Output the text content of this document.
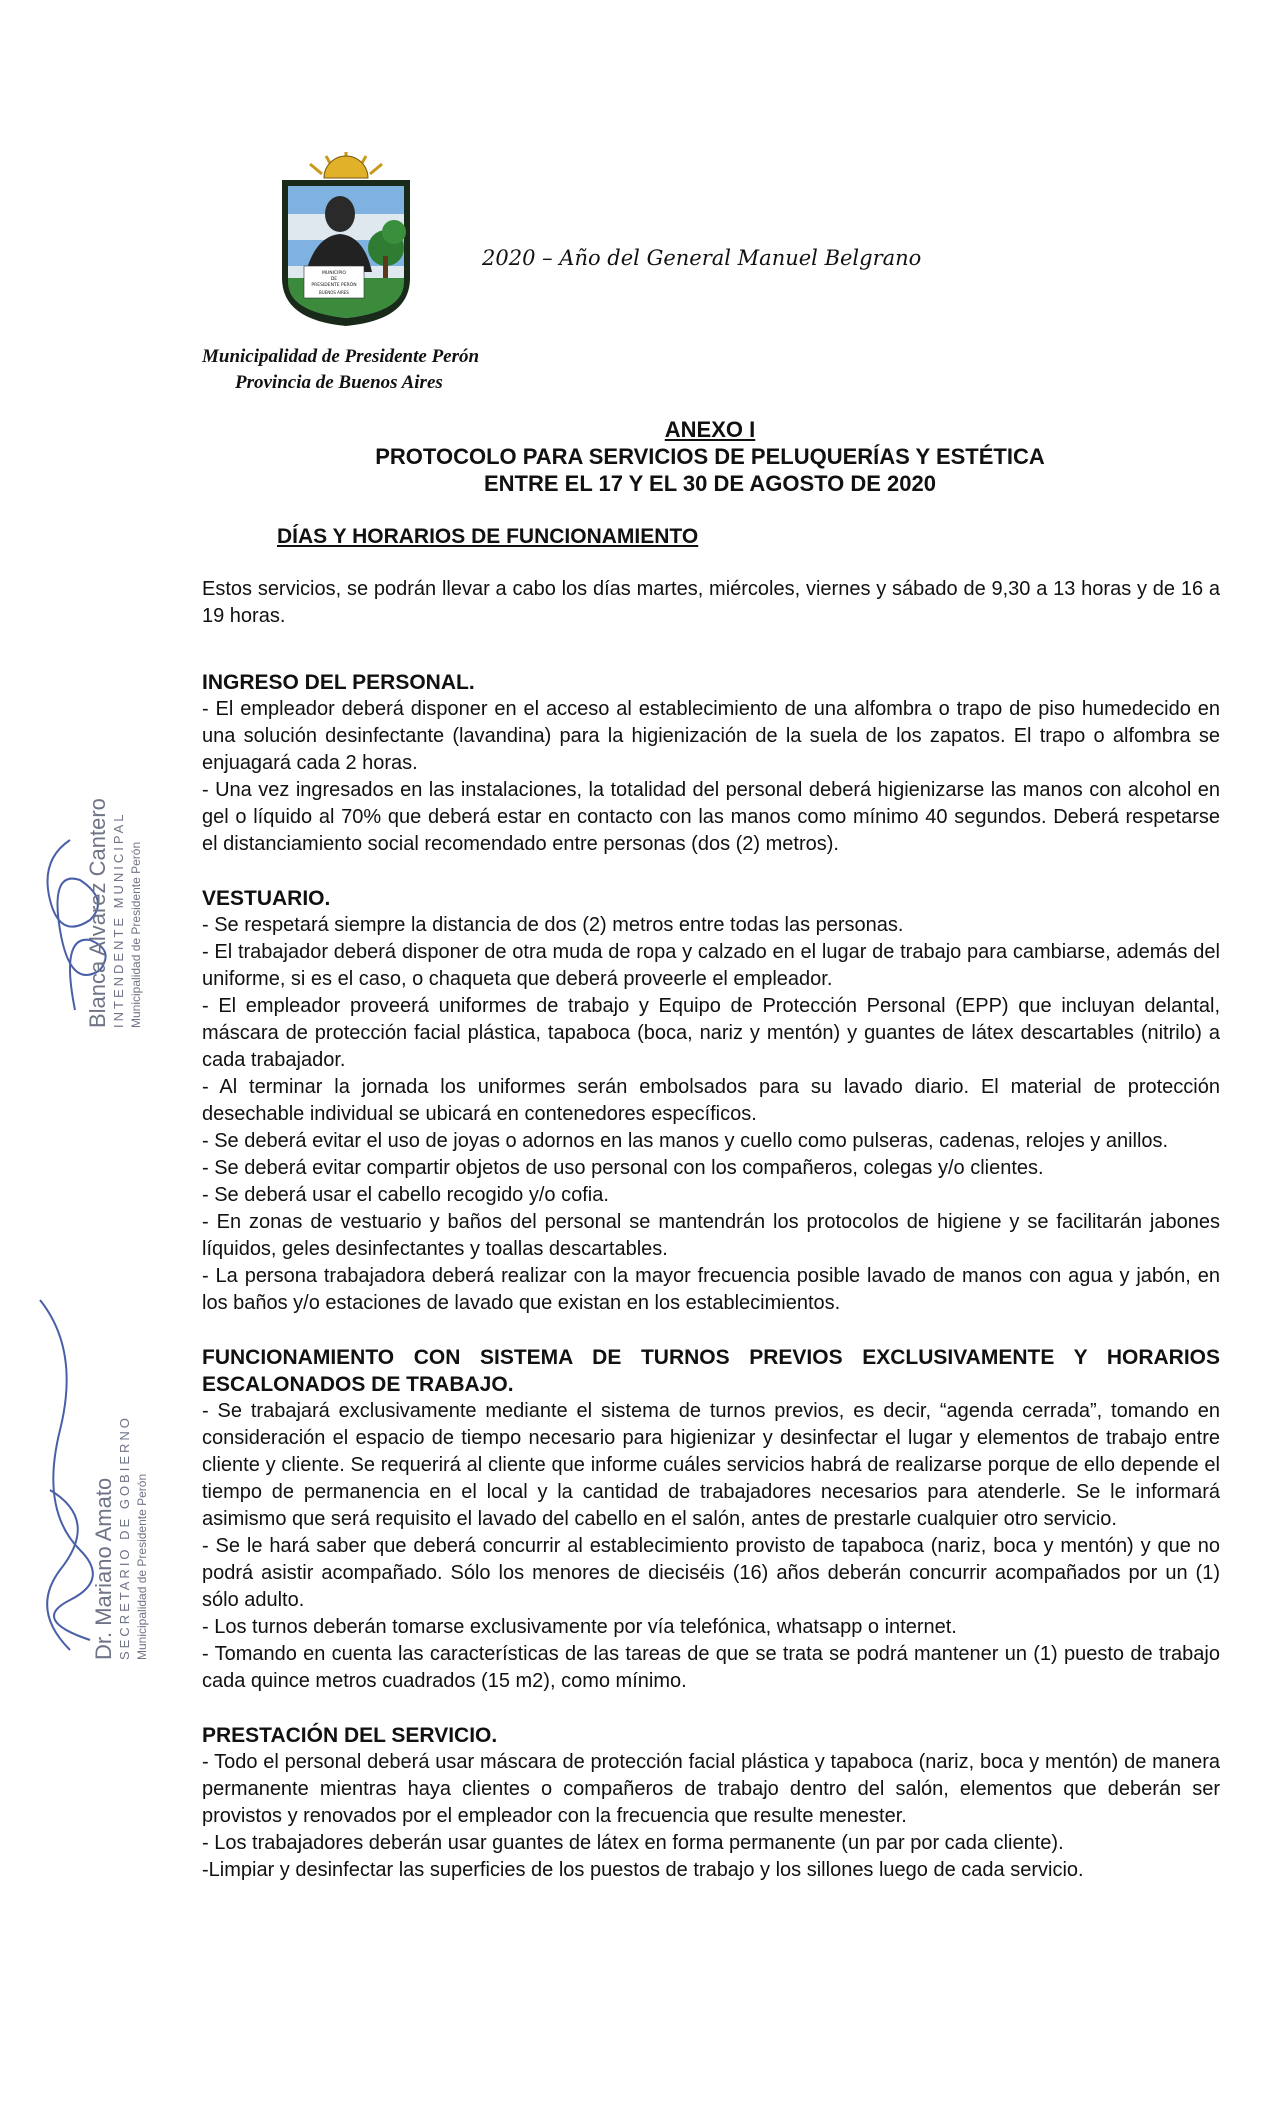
MUNICIPIO
DE
PRESIDENTE PERÓN
BUENOS AIRES
2020 – Año del General Manuel Belgrano
Municipalidad de Presidente Perón
Provincia de Buenos Aires
ANEXO I
PROTOCOLO PARA SERVICIOS DE PELUQUERÍAS Y ESTÉTICA
ENTRE EL 17 Y EL 30 DE AGOSTO DE 2020
DÍAS Y HORARIOS DE FUNCIONAMIENTO

Estos servicios, se podrán llevar a cabo los días martes, miércoles, viernes y sábado de 9,30 a 13 horas y de 16 a 19 horas.

INGRESO DEL PERSONAL.

- El empleador deberá disponer en el acceso al establecimiento de una alfombra o trapo de piso humedecido en una solución desinfectante (lavandina) para la higienización de la suela de los zapatos. El trapo o alfombra se enjuagará cada 2 horas.

- Una vez ingresados en las instalaciones, la totalidad del personal deberá higienizarse las manos con alcohol en gel o líquido al 70% que deberá estar en contacto con las manos como mínimo 40 segundos. Deberá respetarse el distanciamiento social recomendado entre personas (dos (2) metros).

VESTUARIO.

- Se respetará siempre la distancia de dos (2) metros entre todas las personas.

- El trabajador deberá disponer de otra muda de ropa y calzado en el lugar de trabajo para cambiarse, además del uniforme, si es el caso, o chaqueta que deberá proveerle el empleador.

- El empleador proveerá uniformes de trabajo y Equipo de Protección Personal (EPP) que incluyan delantal, máscara de protección facial plástica, tapaboca (boca, nariz y mentón) y guantes de látex descartables (nitrilo) a cada trabajador.

- Al terminar la jornada los uniformes serán embolsados para su lavado diario. El material de protección desechable individual se ubicará en contenedores específicos.

- Se deberá evitar el uso de joyas o adornos en las manos y cuello como pulseras, cadenas, relojes y anillos.

- Se deberá evitar compartir objetos de uso personal con los compañeros, colegas y/o clientes.

- Se deberá usar el cabello recogido y/o cofia.

- En zonas de vestuario y baños del personal se mantendrán los protocolos de higiene y se facilitarán jabones líquidos, geles desinfectantes y toallas descartables.

- La persona trabajadora deberá realizar con la mayor frecuencia posible lavado de manos con agua y jabón, en los baños y/o estaciones de lavado que existan en los establecimientos.

FUNCIONAMIENTO CON SISTEMA DE TURNOS PREVIOS EXCLUSIVAMENTE Y HORARIOS ESCALONADOS DE TRABAJO.

- Se trabajará exclusivamente mediante el sistema de turnos previos, es decir, “agenda cerrada”, tomando en consideración el espacio de tiempo necesario para higienizar y desinfectar el lugar y elementos de trabajo entre cliente y cliente. Se requerirá al cliente que informe cuáles servicios habrá de realizarse porque de ello depende el tiempo de permanencia en el local y la cantidad de trabajadores necesarios para atenderle. Se le informará asimismo que será requisito el lavado del cabello en el salón, antes de prestarle cualquier otro servicio.

- Se le hará saber que deberá concurrir al establecimiento provisto de tapaboca (nariz, boca y mentón) y que no podrá asistir acompañado. Sólo los menores de dieciséis (16) años deberán concurrir acompañados por un (1) sólo adulto.

- Los turnos deberán tomarse exclusivamente por vía telefónica, whatsapp o internet.

- Tomando en cuenta las características de las tareas de que se trata se podrá mantener un (1) puesto de trabajo cada quince metros cuadrados (15 m2), como mínimo.

PRESTACIÓN DEL SERVICIO.

- Todo el personal deberá usar máscara de protección facial plástica y tapaboca (nariz, boca y mentón) de manera permanente mientras haya clientes o compañeros de trabajo dentro del salón, elementos que deberán ser provistos y renovados por el empleador con la frecuencia que resulte menester.

- Los trabajadores deberán usar guantes de látex en forma permanente (un par por cada cliente).

-Limpiar y desinfectar las superficies de los puestos de trabajo y los sillones luego de cada servicio.

Blanca Alvarez Cantero INTENDENTE MUNICIPAL Municipalidad de Presidente Perón
Dr. Mariano Amato SECRETARIO DE GOBIERNO Municipalidad de Presidente Perón
